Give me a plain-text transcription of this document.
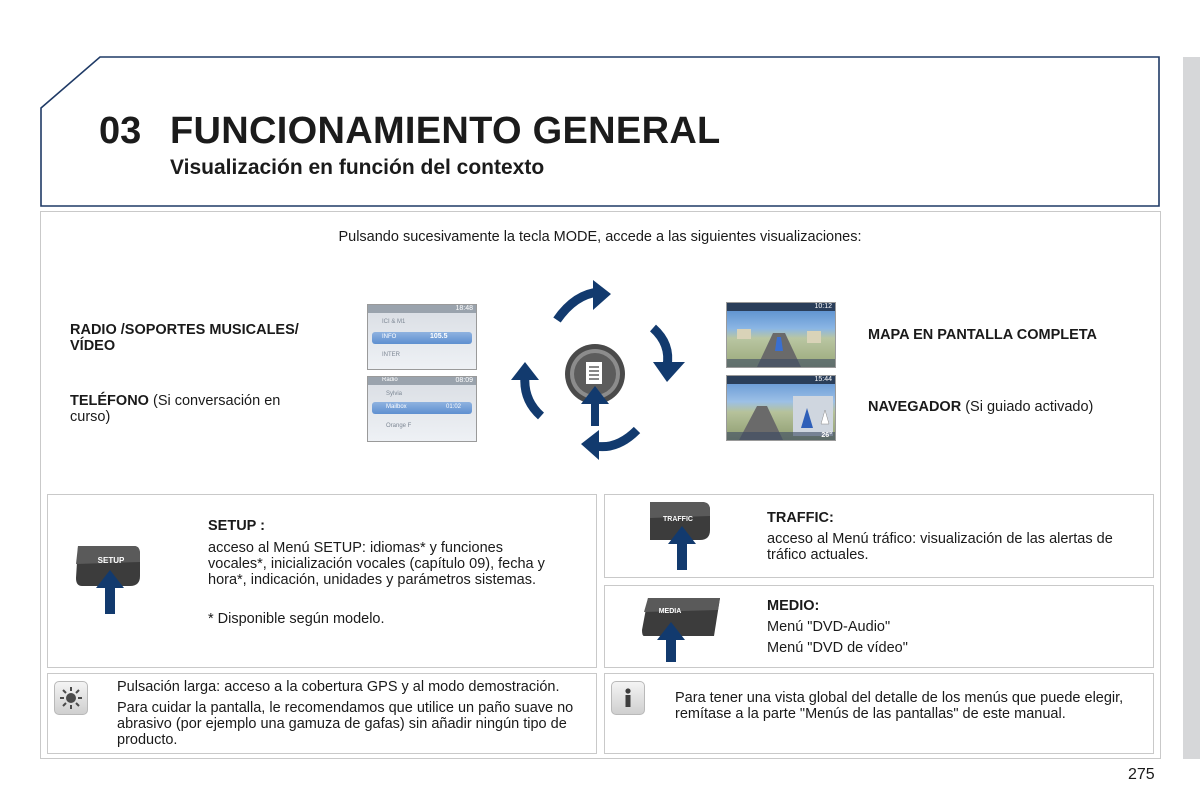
03 FUNCIONAMIENTO GENERAL
Visualización en función del contexto
Pulsando sucesivamente la tecla MODE, accede a las siguientes visualizaciones:
RADIO /SOPORTES MUSICALES/ VÍDEO
TELÉFONO (Si conversación en curso)
MAPA EN PANTALLA COMPLETA
NAVEGADOR (Si guiado activado)
18:48
ICI & M1
INFO	105.5
INTER
Radio	08:09
Sylvia
Mailbox	01:02
Orange F
10:12
15:44
26°
SETUP
SETUP :
acceso al Menú SETUP: idiomas* y funciones vocales*, inicialización vocales (capítulo 09), fecha y hora*, indicación, unidades y parámetros sistemas.
* Disponible según modelo.
TRAFFIC	TRAFFIC:
acceso al Menú tráfico: visualización de las alertas de tráfico actuales.
MEDIA	MEDIO:
Menú "DVD-Audio"
Menú "DVD de vídeo"
Pulsación larga: acceso a la cobertura GPS y al modo demostración.
Para cuidar la pantalla, le recomendamos que utilice un paño suave no abrasivo (por ejemplo una gamuza de gafas) sin añadir ningún tipo de producto.
Para tener una vista global del detalle de los menús que puede elegir, remítase a la parte "Menús de las pantallas" de este manual.
275
